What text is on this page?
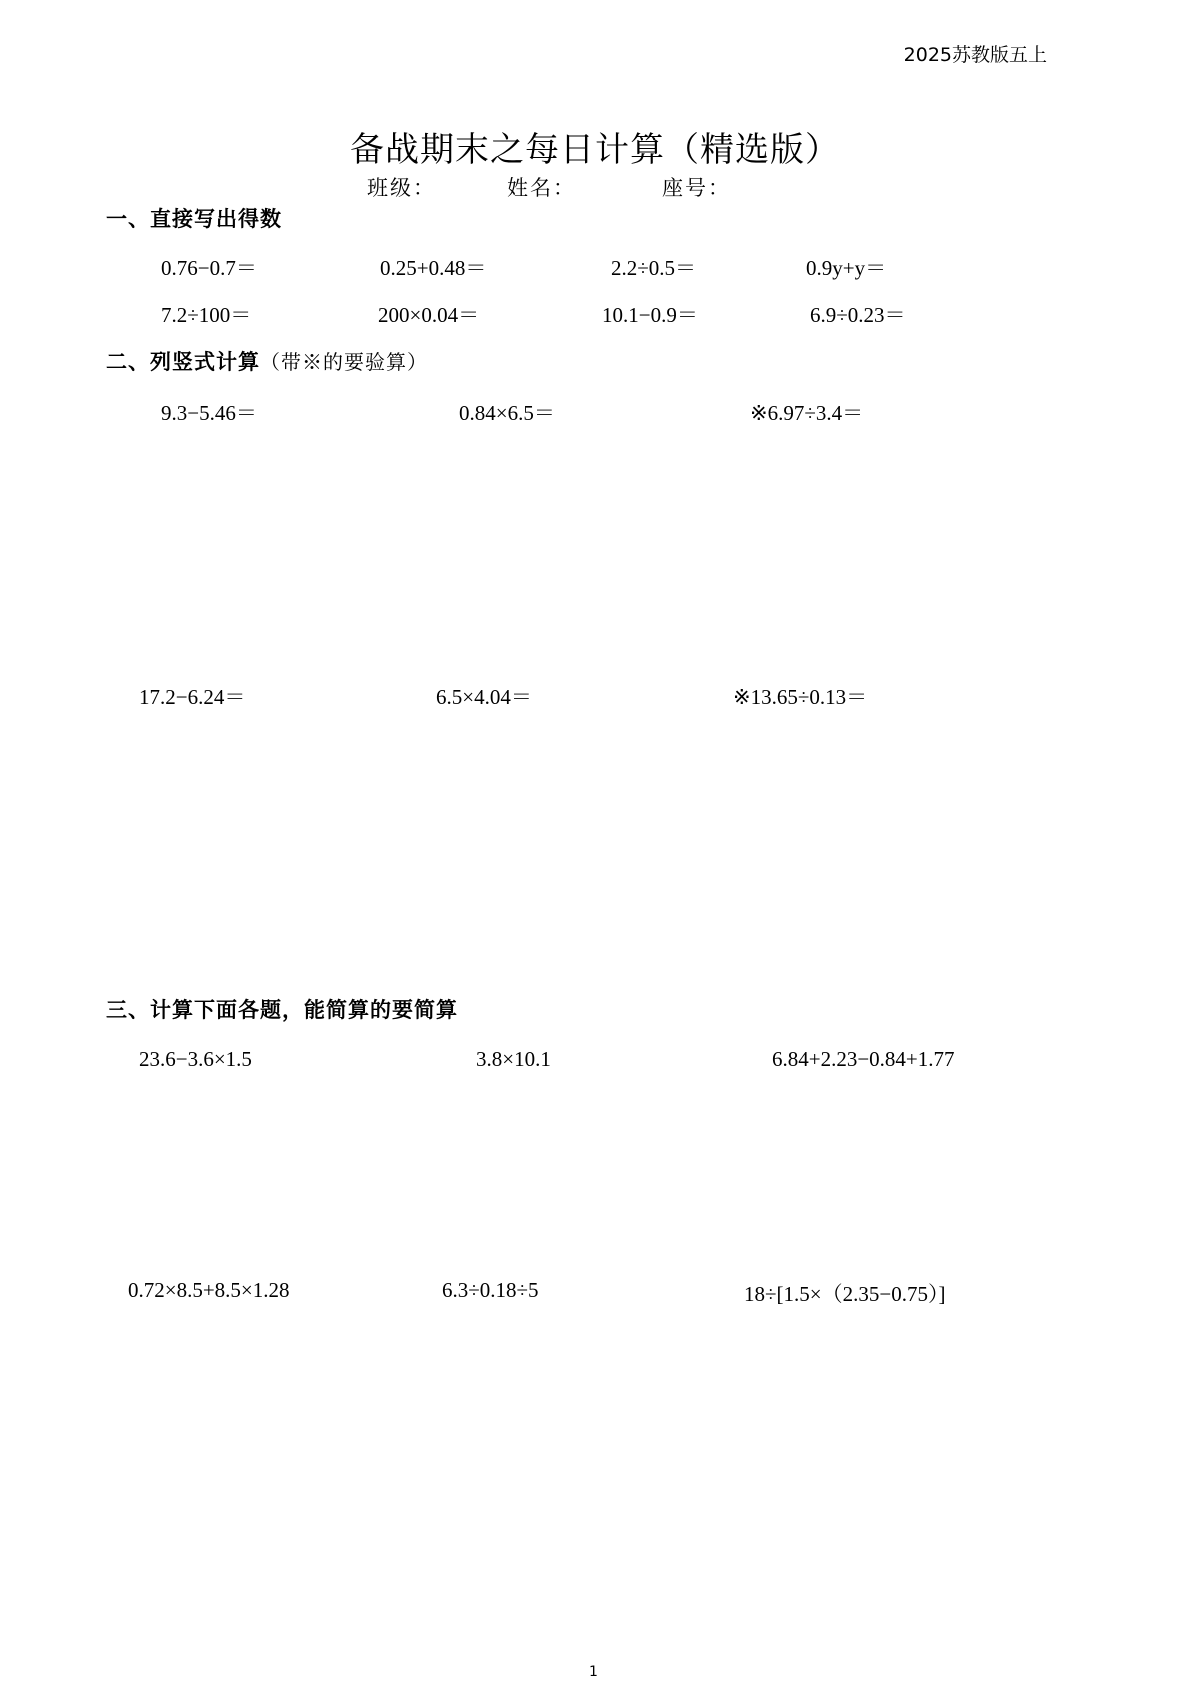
2025苏教版五上
备战期末之每日计算（精选版）
班级：	姓名：	座号：
一、直接写出得数
0.76−0.7＝	0.25+0.48＝	2.2÷0.5＝	0.9y+y＝
7.2÷100＝	200×0.04＝	10.1−0.9＝	6.9÷0.23＝
二、列竖式计算（带※的要验算）
9.3−5.46＝	0.84×6.5＝	※6.97÷3.4＝
17.2−6.24＝	6.5×4.04＝	※13.65÷0.13＝
三、计算下面各题，能简算的要简算
23.6−3.6×1.5	3.8×10.1	6.84+2.23−0.84+1.77
0.72×8.5+8.5×1.28	6.3÷0.18÷5	18÷[1.5×（2.35−0.75）]
1
